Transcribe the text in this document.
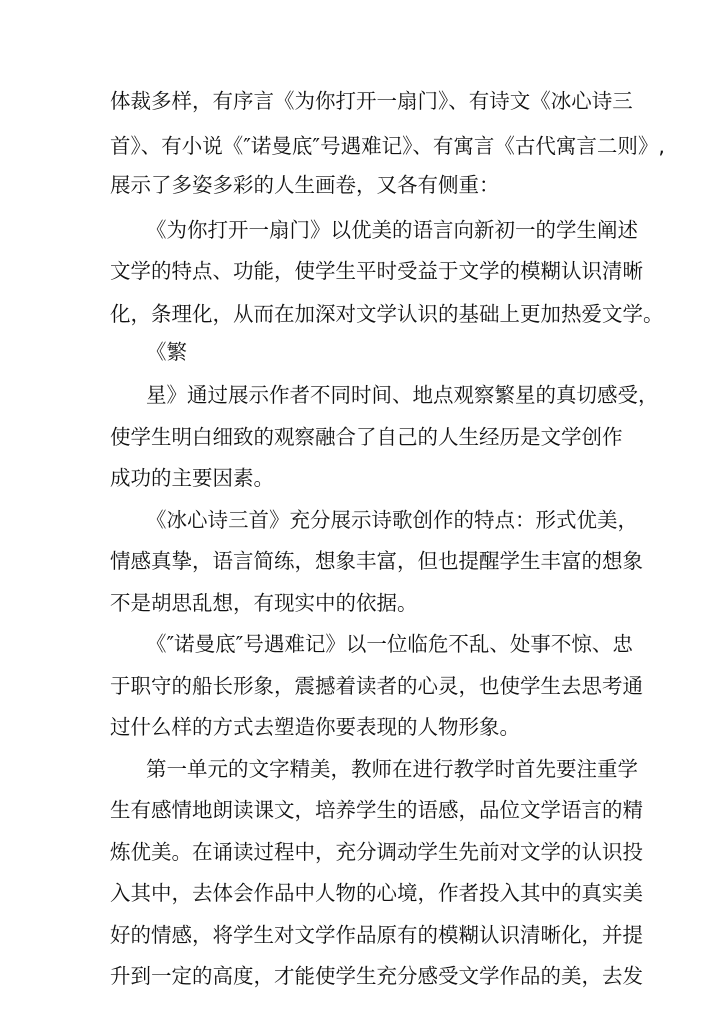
体裁多样，有序言《为你打开一扇门》、有诗文《冰心诗三
首》、有小说《″诺曼底″号遇难记》、有寓言《古代寓言二则》,
展示了多姿多彩的人生画卷，又各有侧重：
《为你打开一扇门》以优美的语言向新初一的学生阐述
文学的特点、功能，使学生平时受益于文学的模糊认识清晰
化，条理化，从而在加深对文学认识的基础上更加热爱文学。
《繁
星》通过展示作者不同时间、地点观察繁星的真切感受，
使学生明白细致的观察融合了自己的人生经历是文学创作
成功的主要因素。
《冰心诗三首》充分展示诗歌创作的特点：形式优美，
情感真挚，语言简练，想象丰富，但也提醒学生丰富的想象
不是胡思乱想，有现实中的依据。
《″诺曼底″号遇难记》以一位临危不乱、处事不惊、忠
于职守的船长形象，震撼着读者的心灵，也使学生去思考通
过什么样的方式去塑造你要表现的人物形象。
第一单元的文字精美，教师在进行教学时首先要注重学
生有感情地朗读课文，培养学生的语感，品位文学语言的精
炼优美。在诵读过程中，充分调动学生先前对文学的认识投
入其中，去体会作品中人物的心境，作者投入其中的真实美
好的情感，将学生对文学作品原有的模糊认识清晰化，并提
升到一定的高度，才能使学生充分感受文学作品的美，去发
